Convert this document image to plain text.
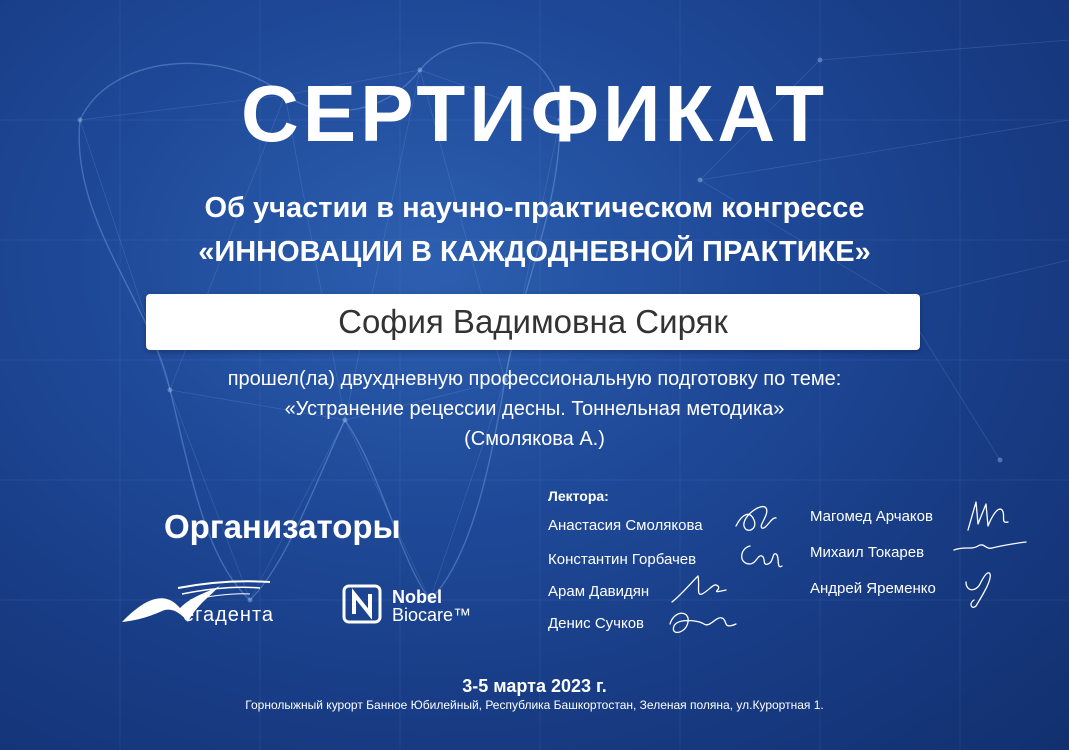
СЕРТИФИКАТ
Об участии в научно-практическом конгрессе
«ИННОВАЦИИ В КАЖДОДНЕВНОЙ ПРАКТИКЕ»
София Вадимовна Сиряк
прошел(ла) двухдневную профессиональную подготовку по теме:
«Устранение рецессии десны. Тоннельная методика»
(Смолякова А.)
Организаторы
егадента
Nobel
Biocare™
Лектора:
Анастасия Смолякова
Константин Горбачев
Арам Давидян
Денис Сучков
Магомед Арчаков
Михаил Токарев
Андрей Яременко
3-5 марта 2023 г.
Горнолыжный курорт Банное Юбилейный, Республика Башкортостан, Зеленая поляна, ул.Курортная 1.
